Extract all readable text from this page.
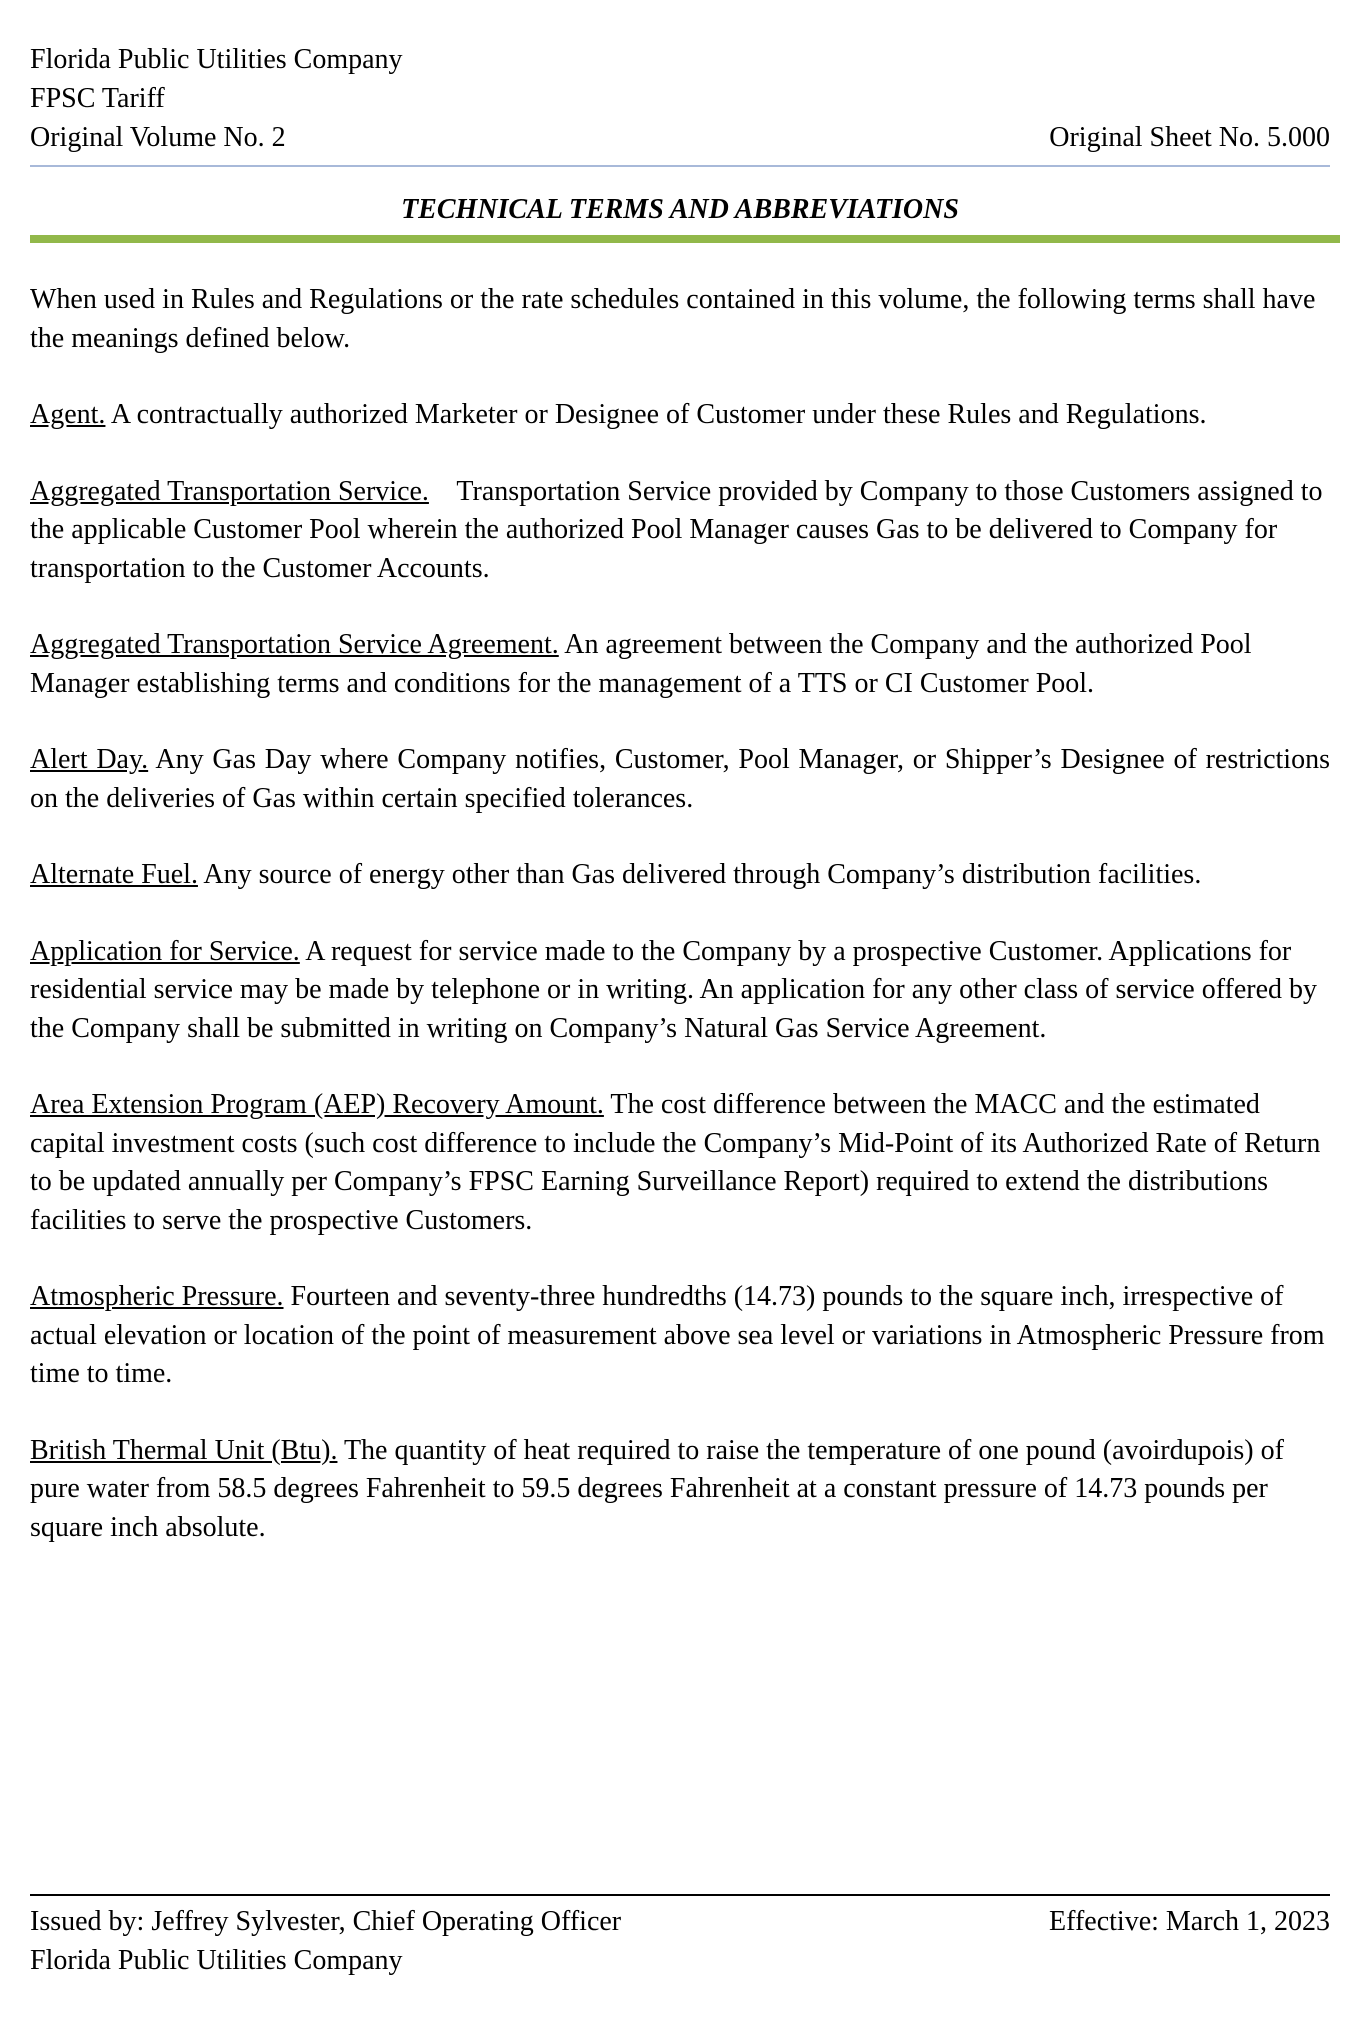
Florida Public Utilities Company
FPSC Tariff
Original Volume No. 2	Original Sheet No. 5.000
TECHNICAL TERMS AND ABBREVIATIONS

When used in Rules and Regulations or the rate schedules contained in this volume, the following terms shall have the meanings defined below.

Agent. A contractually authorized Marketer or Designee of Customer under these Rules and Regulations.

Aggregated Transportation Service.    Transportation Service provided by Company to those Customers assigned to the applicable Customer Pool wherein the authorized Pool Manager causes Gas to be delivered to Company for transportation to the Customer Accounts.

Aggregated Transportation Service Agreement. An agreement between the Company and the authorized Pool Manager establishing terms and conditions for the management of a TTS or CI Customer Pool.

Alert Day. Any Gas Day where Company notifies, Customer, Pool Manager, or Shipper’s Designee of restrictions on the deliveries of Gas within certain specified tolerances.

Alternate Fuel. Any source of energy other than Gas delivered through Company’s distribution facilities.

Application for Service. A request for service made to the Company by a prospective Customer. Applications for residential service may be made by telephone or in writing. An application for any other class of service offered by the Company shall be submitted in writing on Company’s Natural Gas Service Agreement.

Area Extension Program (AEP) Recovery Amount. The cost difference between the MACC and the estimated capital investment costs (such cost difference to include the Company’s Mid-Point of its Authorized Rate of Return to be updated annually per Company’s FPSC Earning Surveillance Report) required to extend the distributions facilities to serve the prospective Customers.

Atmospheric Pressure. Fourteen and seventy-three hundredths (14.73) pounds to the square inch, irrespective of actual elevation or location of the point of measurement above sea level or variations in Atmospheric Pressure from time to time.

British Thermal Unit (Btu). The quantity of heat required to raise the temperature of one pound (avoirdupois) of pure water from 58.5 degrees Fahrenheit to 59.5 degrees Fahrenheit at a constant pressure of 14.73 pounds per square inch absolute.

Issued by: Jeffrey Sylvester, Chief Operating Officer	Effective: March 1, 2023
Florida Public Utilities Company
